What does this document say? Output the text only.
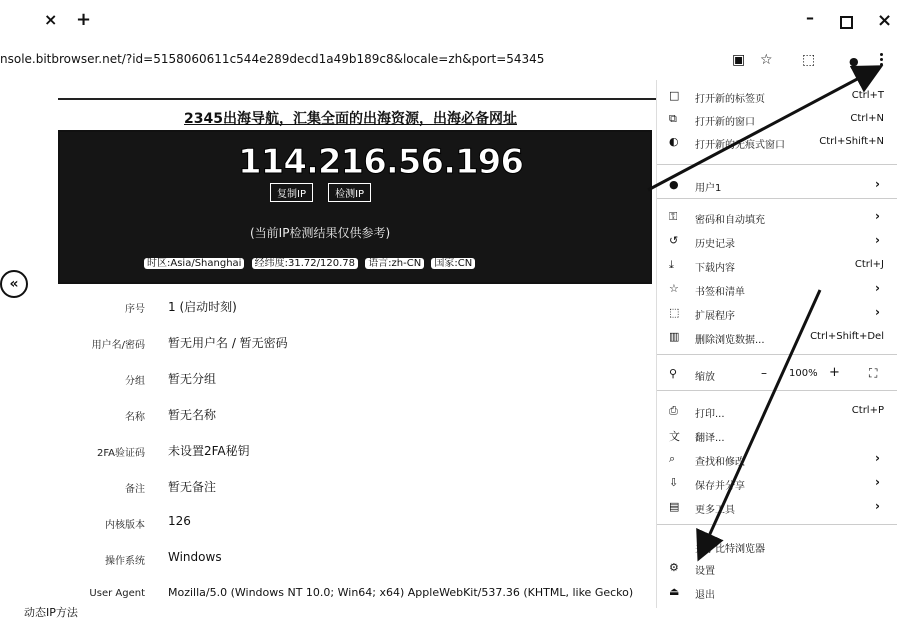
× +	–	×
nsole.bitbrowser.net/?id=5158060611c544e289decd1a49b189c8&locale=zh&port=54345	▣ ☆ ⬚	●
2345出海导航，汇集全面的出海资源，出海必备网址
114.216.56.196
复制IP	检测IP
(当前IP检测结果仅供参考)
时区:Asia/Shanghai 经纬度:31.72/120.78 语言:zh-CN 国家:CN
«
序号 1 (启动时刻)
用户名/密码 暂无用户名 / 暂无密码
分组 暂无分组
名称 暂无名称
2FA验证码 未设置2FA秘钥
备注 暂无备注
内核版本 126
操作系统 Windows
User Agent Mozilla/5.0 (Windows NT 10.0; Win64; x64) AppleWebKit/537.36 (KHTML, like Gecko)
动态IP方法
□ 打开新的标签页	Ctrl+T
⧉ 打开新的窗口	Ctrl+N
◐ 打开新的无痕式窗口	Ctrl+Shift+N
● 用户1	›
⚿ 密码和自动填充	›
↺ 历史记录	›
⤓ 下载内容	Ctrl+J
☆ 书签和清单	›
⬚ 扩展程序	›
▥ 删除浏览数据...	Ctrl+Shift+Del
⚲ 缩放	– 100% + ⛶
⎙ 打印...	Ctrl+P
文 翻译...
⌕ 查找和修改	›
⇩ 保存并分享	›
▤ 更多工具	›
关于比特浏览器
⚙ 设置
⏏ 退出
